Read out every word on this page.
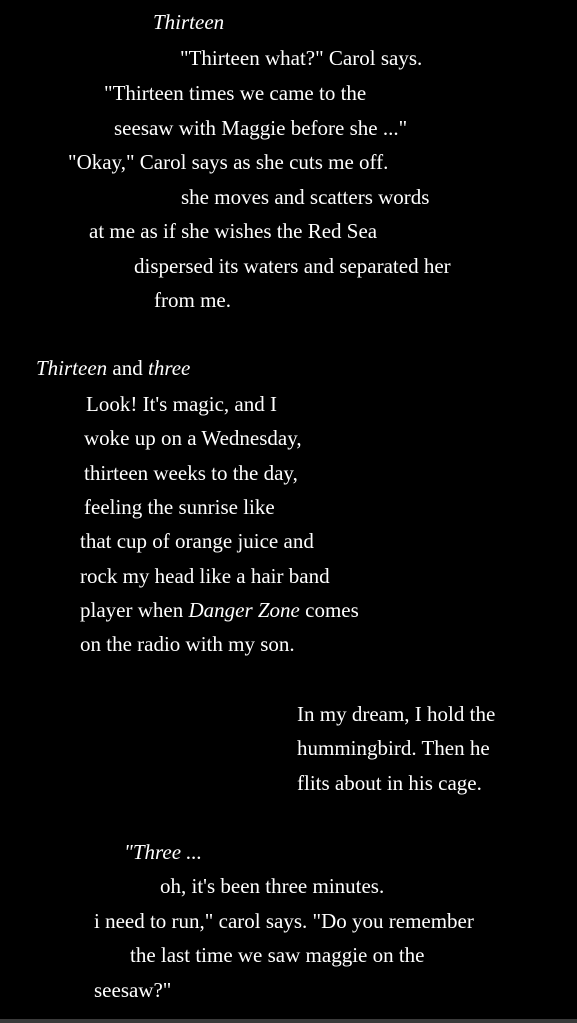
Thirteen
"Thirteen what?" Carol says.
"Thirteen times we came to the
seesaw with Maggie before she ..."
"Okay," Carol says as she cuts me off.
she moves and scatters words
at me as if she wishes the Red Sea
dispersed its waters and separated her
from me.
Thirteen and three
Look! It's magic, and I
woke up on a Wednesday,
thirteen weeks to the day,
feeling the sunrise like
that cup of orange juice and
rock my head like a hair band
player when Danger Zone comes
on the radio with my son.
In my dream, I hold the
hummingbird. Then he
flits about in his cage.
"Three ...
oh, it's been three minutes.
i need to run," carol says. "Do you remember
the last time we saw maggie on the
seesaw?"
